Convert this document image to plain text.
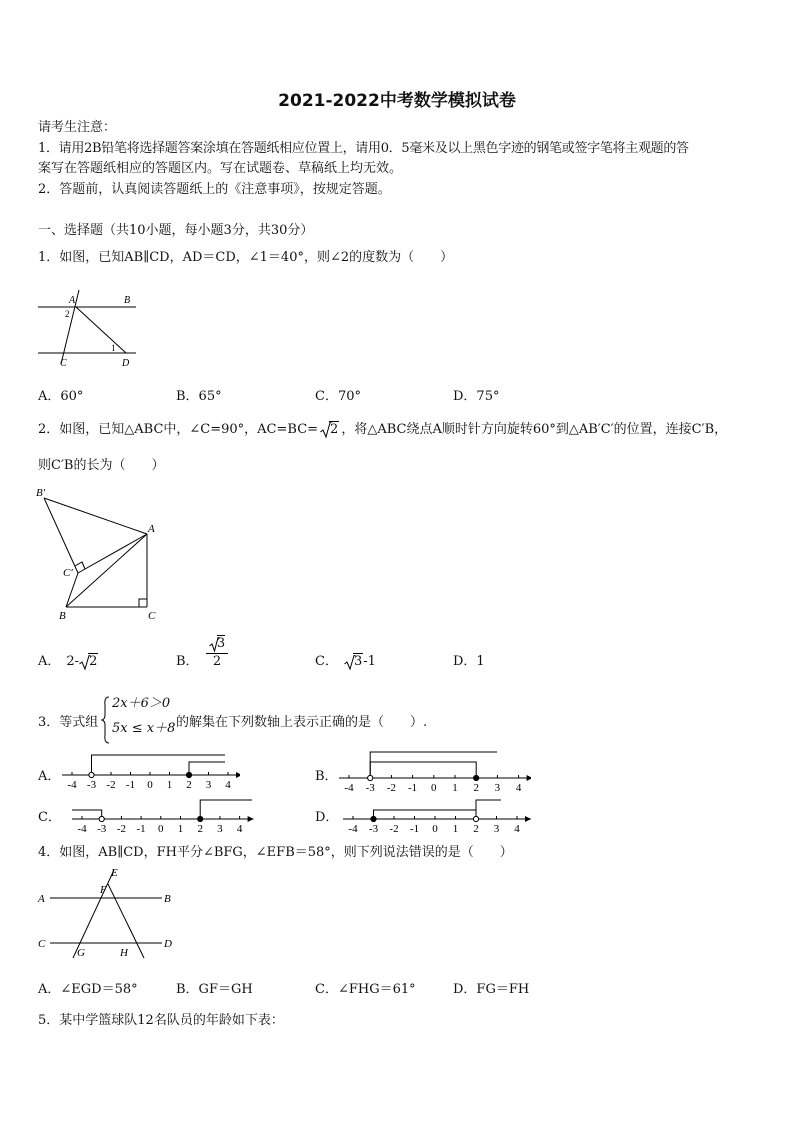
2021-2022中考数学模拟试卷
请考生注意：
1．请用2B铅笔将选择题答案涂填在答题纸相应位置上，请用0．5毫米及以上黑色字迹的钢笔或签字笔将主观题的答
案写在答题纸相应的答题区内。写在试题卷、草稿纸上均无效。
2．答题前，认真阅读答题纸上的《注意事项》，按规定答题。
一、选择题（共10小题，每小题3分，共30分）
1．如图，已知AB∥CD，AD＝CD，∠1＝40°，则∠2的度数为（　　）
A	B
C	D
1
2
A．60°	B．65°	C．70°	D．75°
2．如图，已知△ABC中，∠C=90°，AC=BC= 2 ，将△ABC绕点A顺时针方向旋转60°到△AB′C′的位置，连接C′B，
则C′B的长为（　　）
B′
A
C′
B	C
A． 2- 2	B．
3
2	C． 3-1	D．1
3．等式组
2x＋6＞0
5x ≤ x＋8 的解集在下列数轴上表示正确的是（　　）.
A．
-4 -3 -2 -1 0 1 2 3 4
B．
-4 -3 -2 -1 0 1 2 3 4
C．
-4 -3 -2 -1 0 1 2 3 4
D．
-4 -3 -2 -1 0 1 2 3 4
4．如图，AB∥CD，FH平分∠BFG，∠EFB＝58°，则下列说法错误的是（　　）
E
F
A	B
C	D
G	H
A．∠EGD＝58°	B．GF＝GH	C．∠FHG＝61°	D．FG＝FH
5．某中学篮球队12名队员的年龄如下表：
